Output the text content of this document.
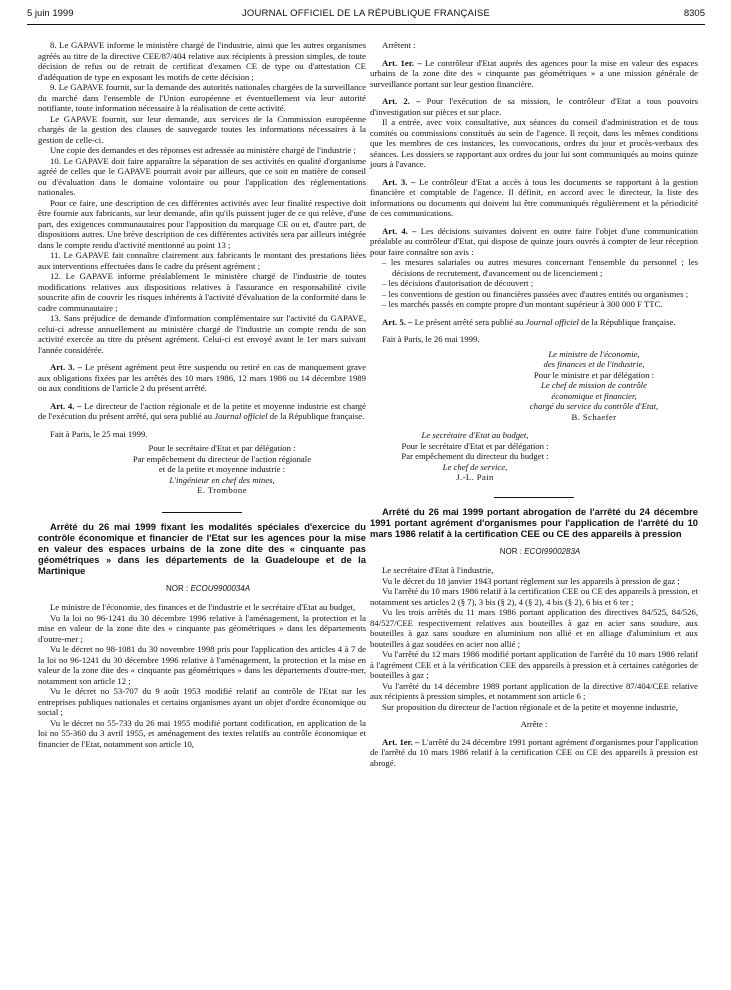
5 juin 1999	JOURNAL OFFICIEL DE LA RÉPUBLIQUE FRANÇAISE	8305

8. Le GAPAVE informe le ministère chargé de l'industrie, ainsi que les autres organismes agréés au titre de la directive CEE/87/404 relative aux récipients à pression simples, de toute décision de refus ou de retrait de certificat d'examen CE de type ou d'attestation CE d'adéquation de type en exposant les motifs de cette décision ;

9. Le GAPAVE fournit, sur la demande des autorités nationales chargées de la surveillance du marché dans l'ensemble de l'Union européenne et éventuellement via leur autorité notifiante, toute information nécessaire à la réalisation de cette activité.

Le GAPAVE fournit, sur leur demande, aux services de la Commission européenne chargés de la gestion des clauses de sauvegarde toutes les informations nécessaires à la gestion de celle-ci.

Une copie des demandes et des réponses est adressée au ministère chargé de l'industrie ;

10. Le GAPAVE doit faire apparaître la séparation de ses activités en qualité d'organisme agréé de celles que le GAPAVE pourrait avoir par ailleurs, que ce soit en matière de conseil ou d'évaluation dans le domaine volontaire ou pour l'application des réglementations nationales.

Pour ce faire, une description de ces différentes activités avec leur finalité respective doit être fournie aux fabricants, sur leur demande, afin qu'ils puissent juger de ce qui relève, d'une part, des exigences communautaires pour l'apposition du marquage CE ou et, d'autre part, de dispositions autres. Une brève description de ces différentes activités sera par ailleurs intégrée dans le compte rendu d'activité mentionné au point 13 ;

11. Le GAPAVE fait connaître clairement aux fabricants le montant des prestations liées aux interventions effectuées dans le cadre du présent agrément ;

12. Le GAPAVE informe préalablement le ministère chargé de l'industrie de toutes modifications relatives aux dispositions relatives à l'assurance en responsabilité civile souscrite afin de couvrir les risques inhérents à l'activité d'évaluation de la conformité dans le cadre communautaire ;

13. Sans préjudice de demande d'information complémentaire sur l'activité du GAPAVE, celui-ci adresse annuellement au ministère chargé de l'industrie un compte rendu de son activité exercée au titre du présent agrément. Celui-ci est envoyé avant le 1er mars suivant l'année considérée.

Art. 3. – Le présent agrément peut être suspendu ou retiré en cas de manquement grave aux obligations fixées par les arrêtés des 10 mars 1986, 12 mars 1986 ou 14 décembre 1989 ou aux conditions de l'article 2 du présent arrêté.

Art. 4. – Le directeur de l'action régionale et de la petite et moyenne industrie est chargé de l'exécution du présent arrêté, qui sera publié au Journal officiel de la République française.

Fait à Paris, le 25 mai 1999.

Pour le secrétaire d'Etat et par délégation :

Par empêchement du directeur de l'action régionale

et de la petite et moyenne industrie :

L'ingénieur en chef des mines,

E. Trombone

Arrêté du 26 mai 1999 fixant les modalités spéciales d'exercice du contrôle économique et financier de l'Etat sur les agences pour la mise en valeur des espaces urbains de la zone dite des « cinquante pas géométriques » dans les départements de la Guadeloupe et de la Martinique

NOR : ECOU9900034A

Le ministre de l'économie, des finances et de l'industrie et le secrétaire d'Etat au budget,

Vu la loi no 96-1241 du 30 décembre 1996 relative à l'aménagement, la protection et la mise en valeur de la zone dite des « cinquante pas géométriques » dans les départements d'outre-mer ;

Vu le décret no 98-1081 du 30 novembre 1998 pris pour l'application des articles 4 à 7 de la loi no 96-1241 du 30 décembre 1996 relative à l'aménagement, la protection et la mise en valeur de la zone dite des « cinquante pas géométriques » dans les départements d'outre-mer, notamment son article 12 ;

Vu le décret no 53-707 du 9 août 1953 modifié relatif au contrôle de l'Etat sur les entreprises publiques nationales et certains organismes ayant un objet d'ordre économique ou social ;

Vu le décret no 55-733 du 26 mai 1955 modifié portant codification, en application de la loi no 55-360 du 3 avril 1955, et aménagement des textes relatifs au contrôle économique et financier de l'Etat, notamment son article 10,

Arrêtent :

Art. 1er. – Le contrôleur d'Etat auprès des agences pour la mise en valeur des espaces urbains de la zone dite des « cinquante pas géométriques » a une mission générale de surveillance portant sur leur gestion financière.

Art. 2. – Pour l'exécution de sa mission, le contrôleur d'Etat a tous pouvoirs d'investigation sur pièces et sur place.

Il a entrée, avec voix consultative, aux séances du conseil d'administration et de tous comités ou commissions constitués au sein de l'agence. Il reçoit, dans les mêmes conditions que les membres de ces instances, les convocations, ordres du jour et procès-verbaux des séances. Les dossiers se rapportant aux ordres du jour lui sont communiqués au moins quinze jours à l'avance.

Art. 3. – Le contrôleur d'Etat a accès à tous les documents se rapportant à la gestion financière et comptable de l'agence. Il définit, en accord avec le directeur, la liste des informations ou documents qui doivent lui être communiqués régulièrement et la périodicité de ces communications.

Art. 4. – Les décisions suivantes doivent en outre faire l'objet d'une communication préalable au contrôleur d'Etat, qui dispose de quinze jours ouvrés à compter de leur réception pour faire connaître son avis :

– les mesures salariales ou autres mesures concernant l'ensemble du personnel ; les décisions de recrutement, d'avancement ou de licenciement ;

– les décisions d'autorisation de découvert ;

– les conventions de gestion ou financières passées avec d'autres entités ou organismes ;

– les marchés passés en compte propre d'un montant supérieur à 300 000 F TTC.

Art. 5. – Le présent arrêté sera publié au Journal officiel de la République française.

Fait à Paris, le 26 mai 1999.

Le ministre de l'économie,

des finances et de l'industrie,

Pour le ministre et par délégation :

Le chef de mission de contrôle

économique et financier,

chargé du service du contrôle d'Etat,

B. Schaefer

Le secrétaire d'Etat au budget,

Pour le secrétaire d'Etat et par délégation :

Par empêchement du directeur du budget :

Le chef de service,

J.-L. Pain

Arrêté du 26 mai 1999 portant abrogation de l'arrêté du 24 décembre 1991 portant agrément d'organismes pour l'application de l'arrêté du 10 mars 1986 relatif à la certification CEE ou CE des appareils à pression

NOR : ECOI9900283A

Le secrétaire d'Etat à l'industrie,

Vu le décret du 18 janvier 1943 portant règlement sur les appareils à pression de gaz ;

Vu l'arrêté du 10 mars 1986 relatif à la certification CEE ou CE des appareils à pression, et notamment ses articles 2 (§ 7), 3 bis (§ 2), 4 (§ 2), 4 bis (§ 2), 6 bis et 6 ter ;

Vu les trois arrêtés du 11 mars 1986 portant application des directives 84/525, 84/526, 84/527/CEE respectivement relatives aux bouteilles à gaz en acier sans soudure, aux bouteilles à gaz sans soudure en aluminium non allié et en alliage d'aluminium et aux bouteilles à gaz soudées en acier non allié ;

Vu l'arrêté du 12 mars 1986 modifié portant application de l'arrêté du 10 mars 1986 relatif à l'agrément CEE et à la vérification CEE des appareils à pression et à certaines catégories de bouteilles à gaz ;

Vu l'arrêté du 14 décembre 1989 portant application de la directive 87/404/CEE relative aux récipients à pression simples, et notamment son article 6 ;

Sur proposition du directeur de l'action régionale et de la petite et moyenne industrie,

Arrête :

Art. 1er. – L'arrêté du 24 décembre 1991 portant agrément d'organismes pour l'application de l'arrêté du 10 mars 1986 relatif à la certification CEE ou CE des appareils à pression est abrogé.
